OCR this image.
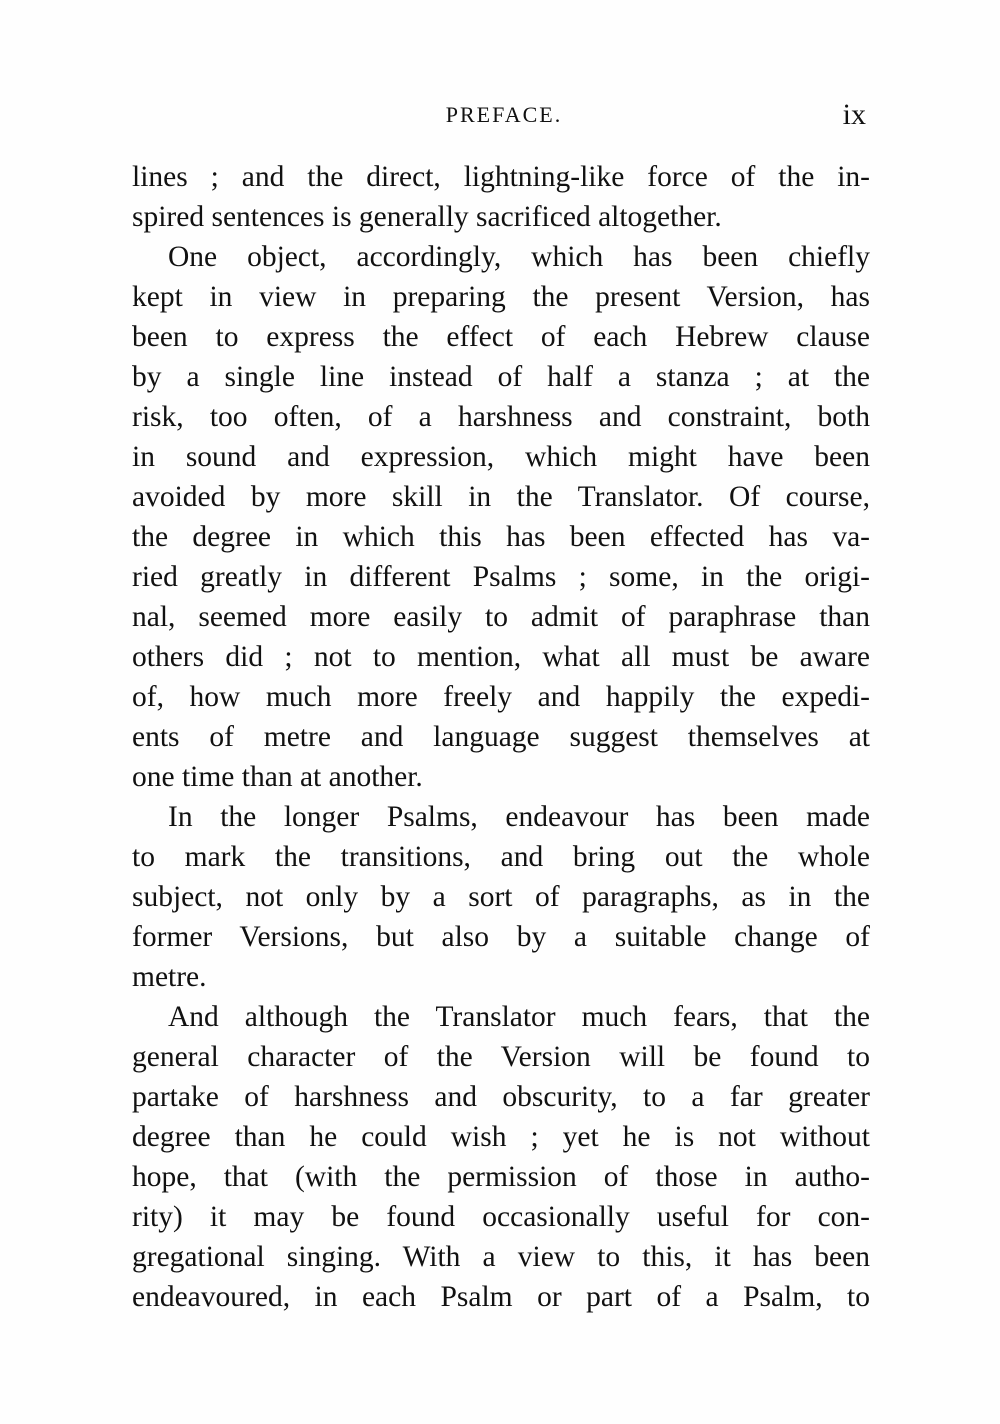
PREFACE.	ix
lines ; and the direct, lightning-like force of the in-
spired sentences is generally sacrificed altogether.
One object, accordingly, which has been chiefly
kept in view in preparing the present Version, has
been to express the effect of each Hebrew clause
by a single line instead of half a stanza ; at the
risk, too often, of a harshness and constraint, both
in sound and expression, which might have been
avoided by more skill in the Translator. Of course,
the degree in which this has been effected has va-
ried greatly in different Psalms ; some, in the origi-
nal, seemed more easily to admit of paraphrase than
others did ; not to mention, what all must be aware
of, how much more freely and happily the expedi-
ents of metre and language suggest themselves at
one time than at another.
In the longer Psalms, endeavour has been made
to mark the transitions, and bring out the whole
subject, not only by a sort of paragraphs, as in the
former Versions, but also by a suitable change of
metre.
And although the Translator much fears, that the
general character of the Version will be found to
partake of harshness and obscurity, to a far greater
degree than he could wish ; yet he is not without
hope, that (with the permission of those in autho-
rity) it may be found occasionally useful for con-
gregational singing. With a view to this, it has been
endeavoured, in each Psalm or part of a Psalm, to
